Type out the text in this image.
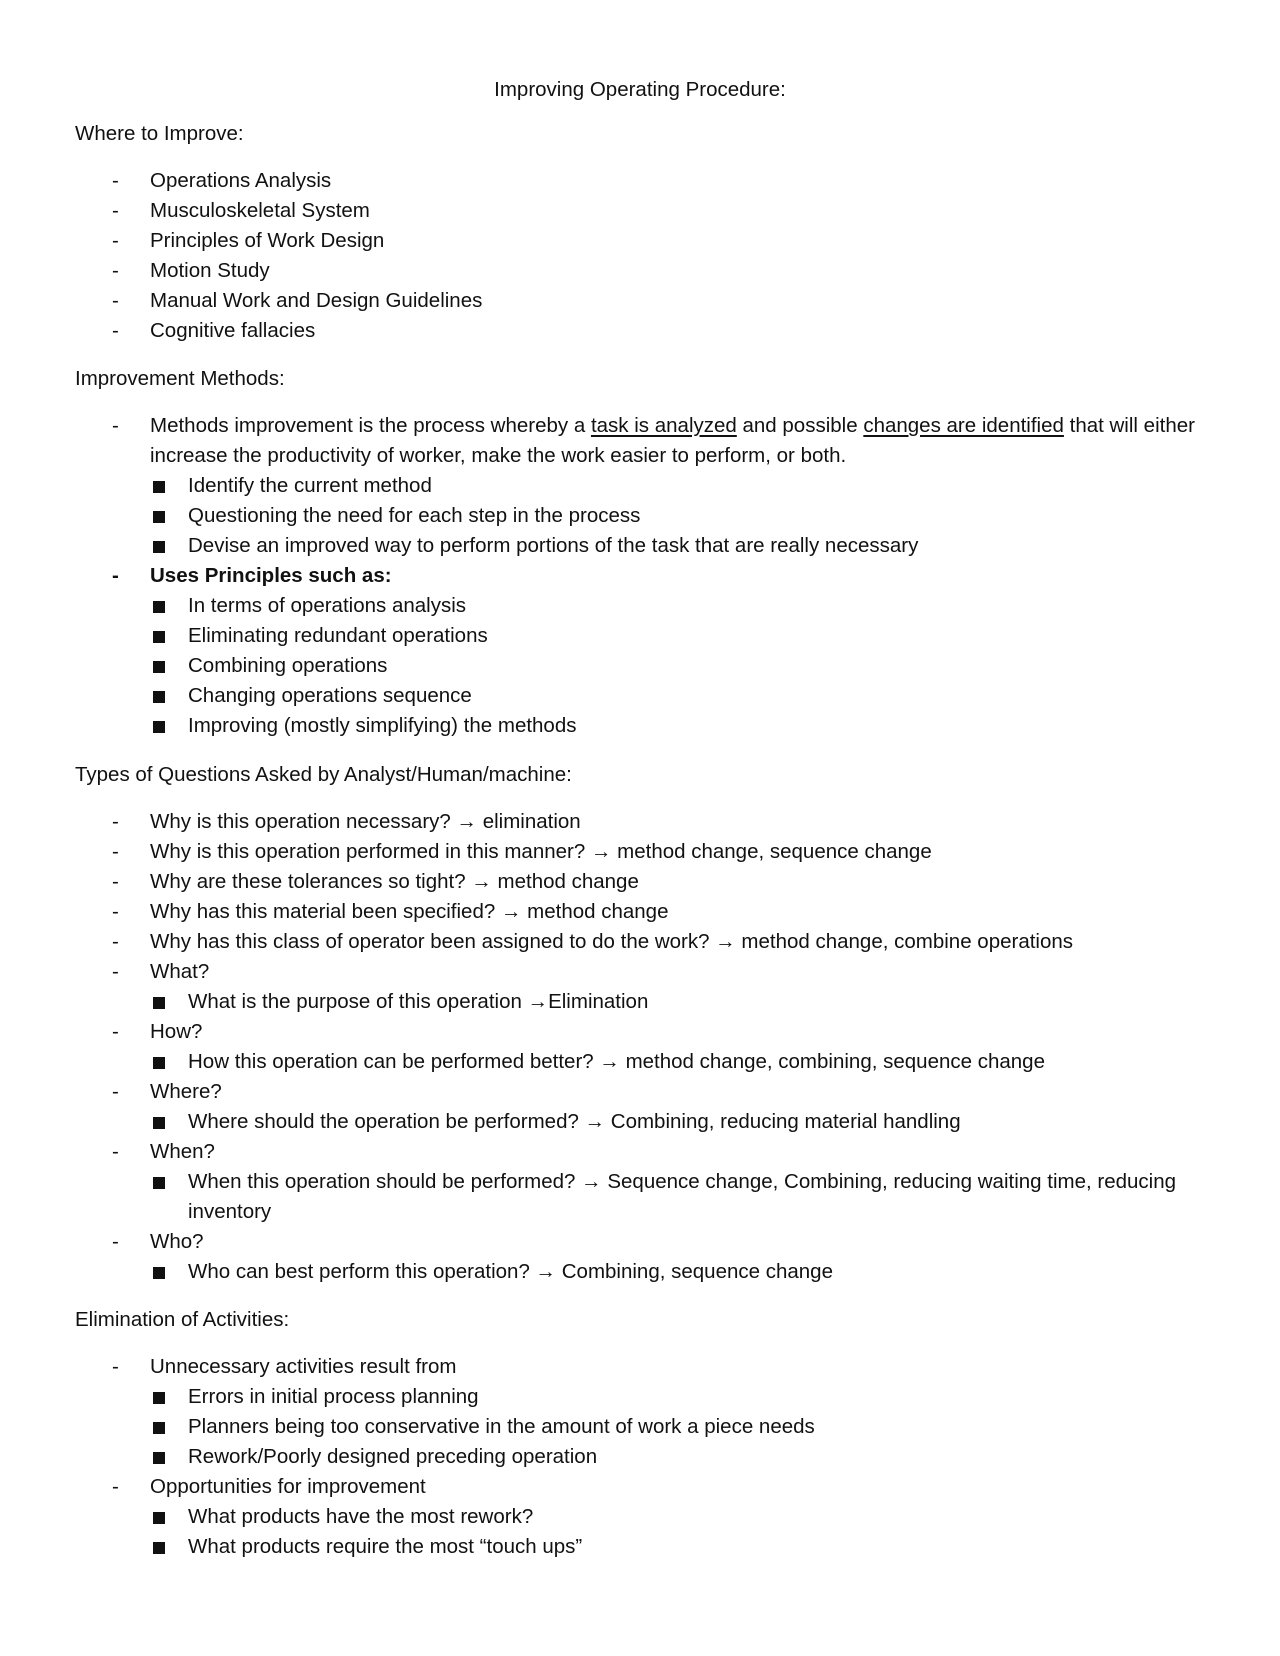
Improving Operating Procedure:
Where to Improve:
- Operations Analysis
- Musculoskeletal System
- Principles of Work Design
- Motion Study
- Manual Work and Design Guidelines
- Cognitive fallacies
Improvement Methods:
- Methods improvement is the process whereby a task is analyzed and possible changes are identified that will either increase the productivity of worker, make the work easier to perform, or both.
Identify the current method
Questioning the need for each step in the process
Devise an improved way to perform portions of the task that are really necessary
- Uses Principles such as:
In terms of operations analysis
Eliminating redundant operations
Combining operations
Changing operations sequence
Improving (mostly simplifying) the methods
Types of Questions Asked by Analyst/Human/machine:
- Why is this operation necessary? → elimination
- Why is this operation performed in this manner? → method change, sequence change
- Why are these tolerances so tight? → method change
- Why has this material been specified? → method change
- Why has this class of operator been assigned to do the work? → method change, combine operations
- What?
What is the purpose of this operation →Elimination
- How?
How this operation can be performed better? → method change, combining, sequence change
- Where?
Where should the operation be performed? → Combining, reducing material handling
- When?
When this operation should be performed? → Sequence change, Combining, reducing waiting time, reducing inventory
- Who?
Who can best perform this operation? → Combining, sequence change
Elimination of Activities:
- Unnecessary activities result from
Errors in initial process planning
Planners being too conservative in the amount of work a piece needs
Rework/Poorly designed preceding operation
- Opportunities for improvement
What products have the most rework?
What products require the most “touch ups”
